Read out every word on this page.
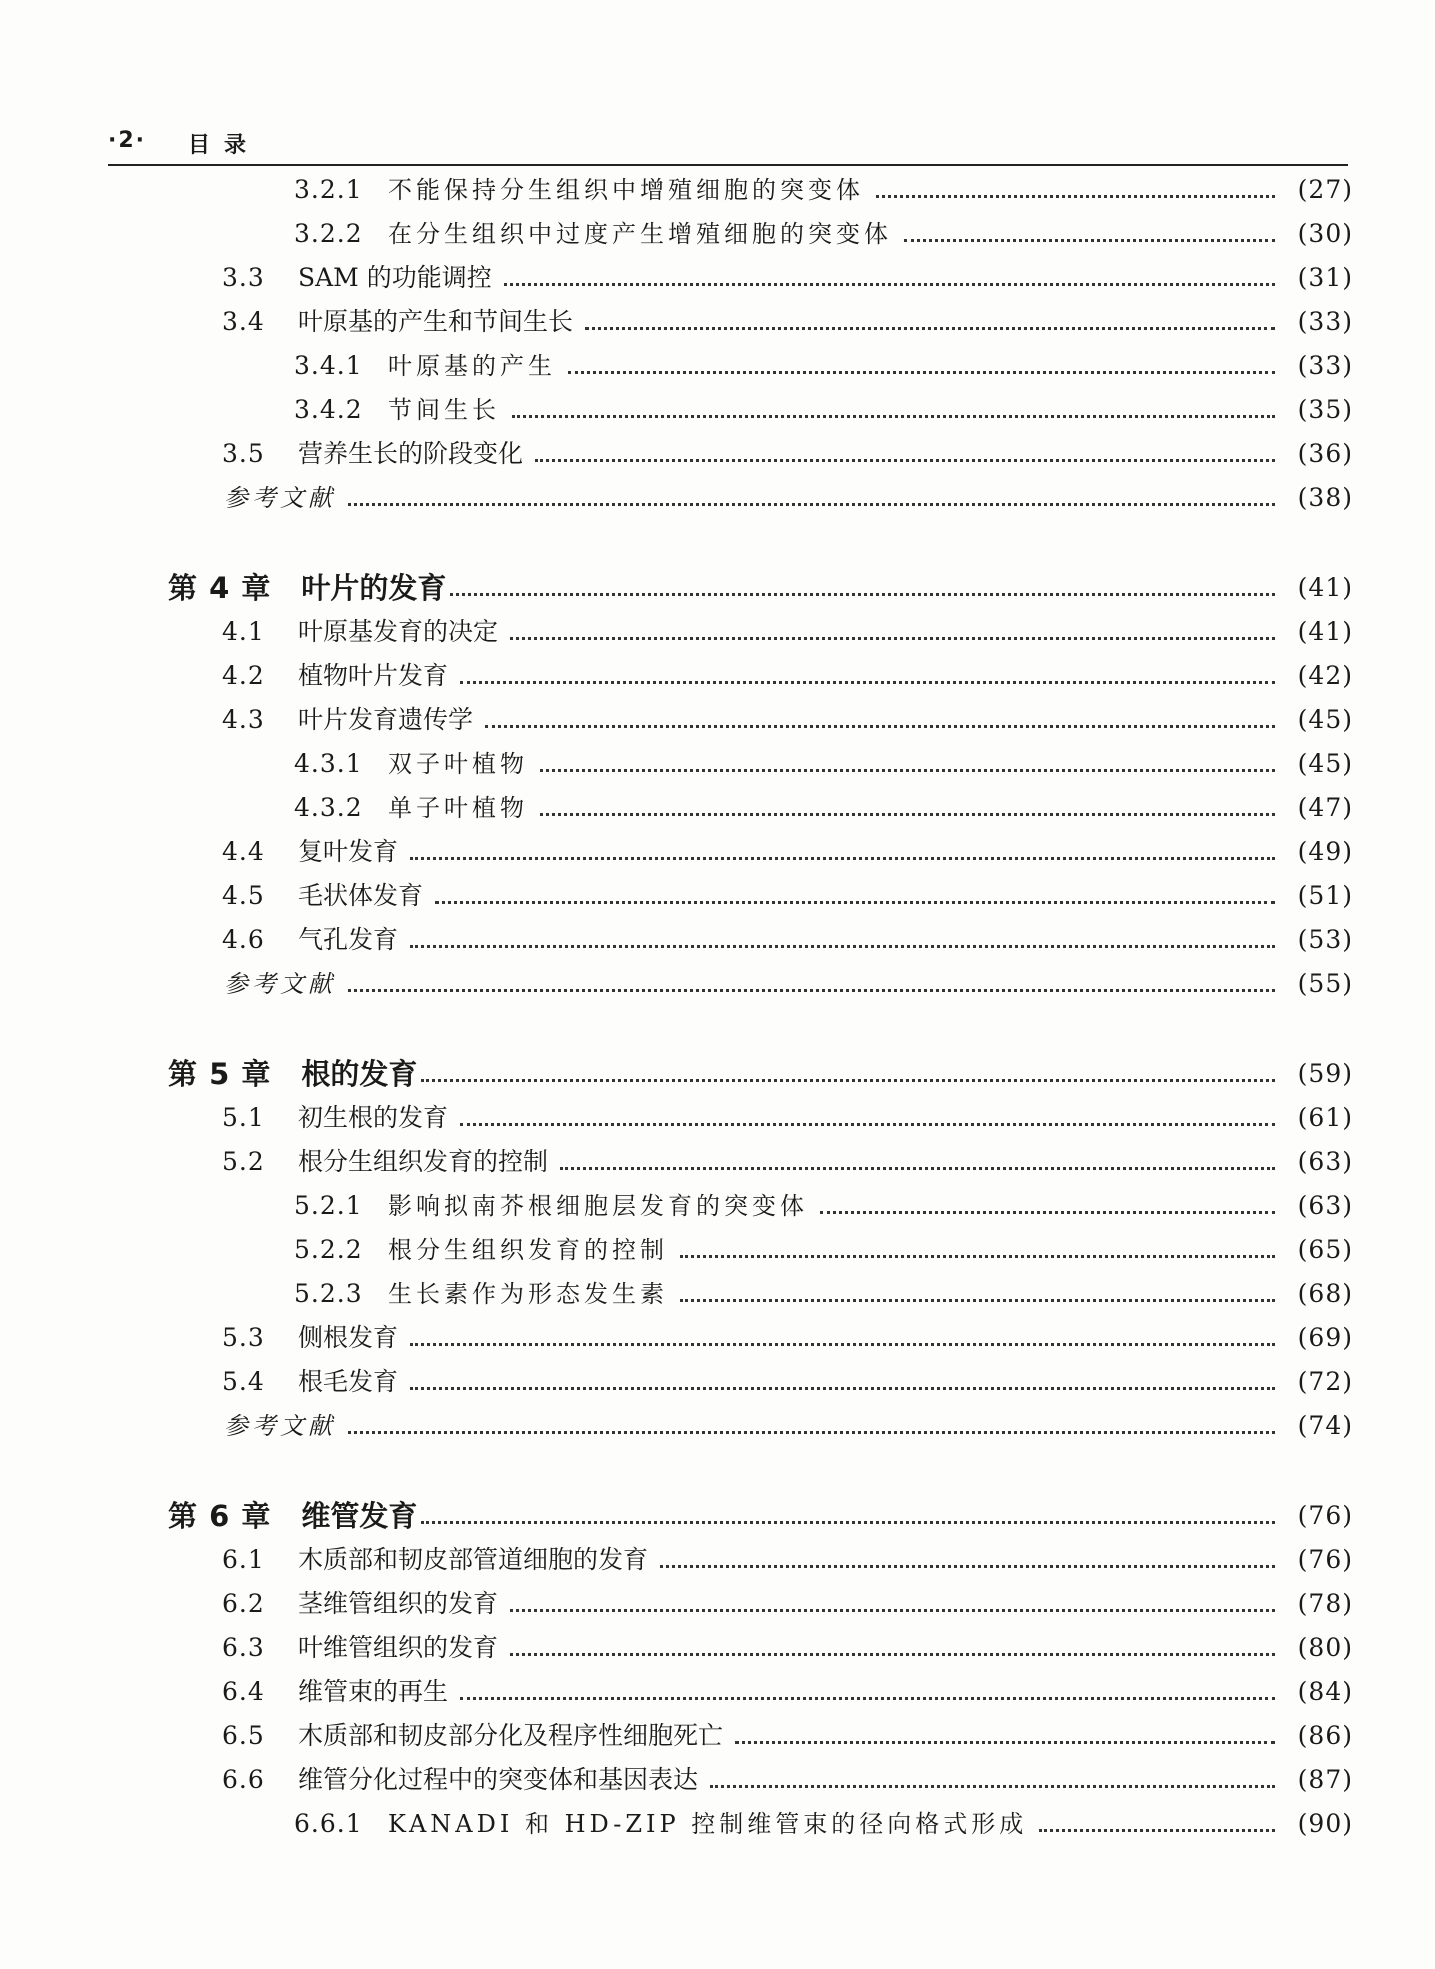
·2· 目录
3.2.1 不能保持分生组织中增殖细胞的突变体	(27)
3.2.2 在分生组织中过度产生增殖细胞的突变体	(30)
3.3	SAM 的功能调控	(31)
3.4	叶原基的产生和节间生长	(33)
3.4.1 叶原基的产生	(33)
3.4.2 节间生长	(35)
3.5	营养生长的阶段变化	(36)
参考文献	(38)
第 4 章 叶片的发育	(41)
4.1	叶原基发育的决定	(41)
4.2	植物叶片发育	(42)
4.3	叶片发育遗传学	(45)
4.3.1 双子叶植物	(45)
4.3.2 单子叶植物	(47)
4.4	复叶发育	(49)
4.5	毛状体发育	(51)
4.6	气孔发育	(53)
参考文献	(55)
第 5 章 根的发育	(59)
5.1	初生根的发育	(61)
5.2	根分生组织发育的控制	(63)
5.2.1 影响拟南芥根细胞层发育的突变体	(63)
5.2.2 根分生组织发育的控制	(65)
5.2.3 生长素作为形态发生素	(68)
5.3	侧根发育	(69)
5.4	根毛发育	(72)
参考文献	(74)
第 6 章 维管发育	(76)
6.1	木质部和韧皮部管道细胞的发育	(76)
6.2	茎维管组织的发育	(78)
6.3	叶维管组织的发育	(80)
6.4	维管束的再生	(84)
6.5	木质部和韧皮部分化及程序性细胞死亡	(86)
6.6	维管分化过程中的突变体和基因表达	(87)
6.6.1 KANADI 和 HD-ZIP 控制维管束的径向格式形成	(90)
